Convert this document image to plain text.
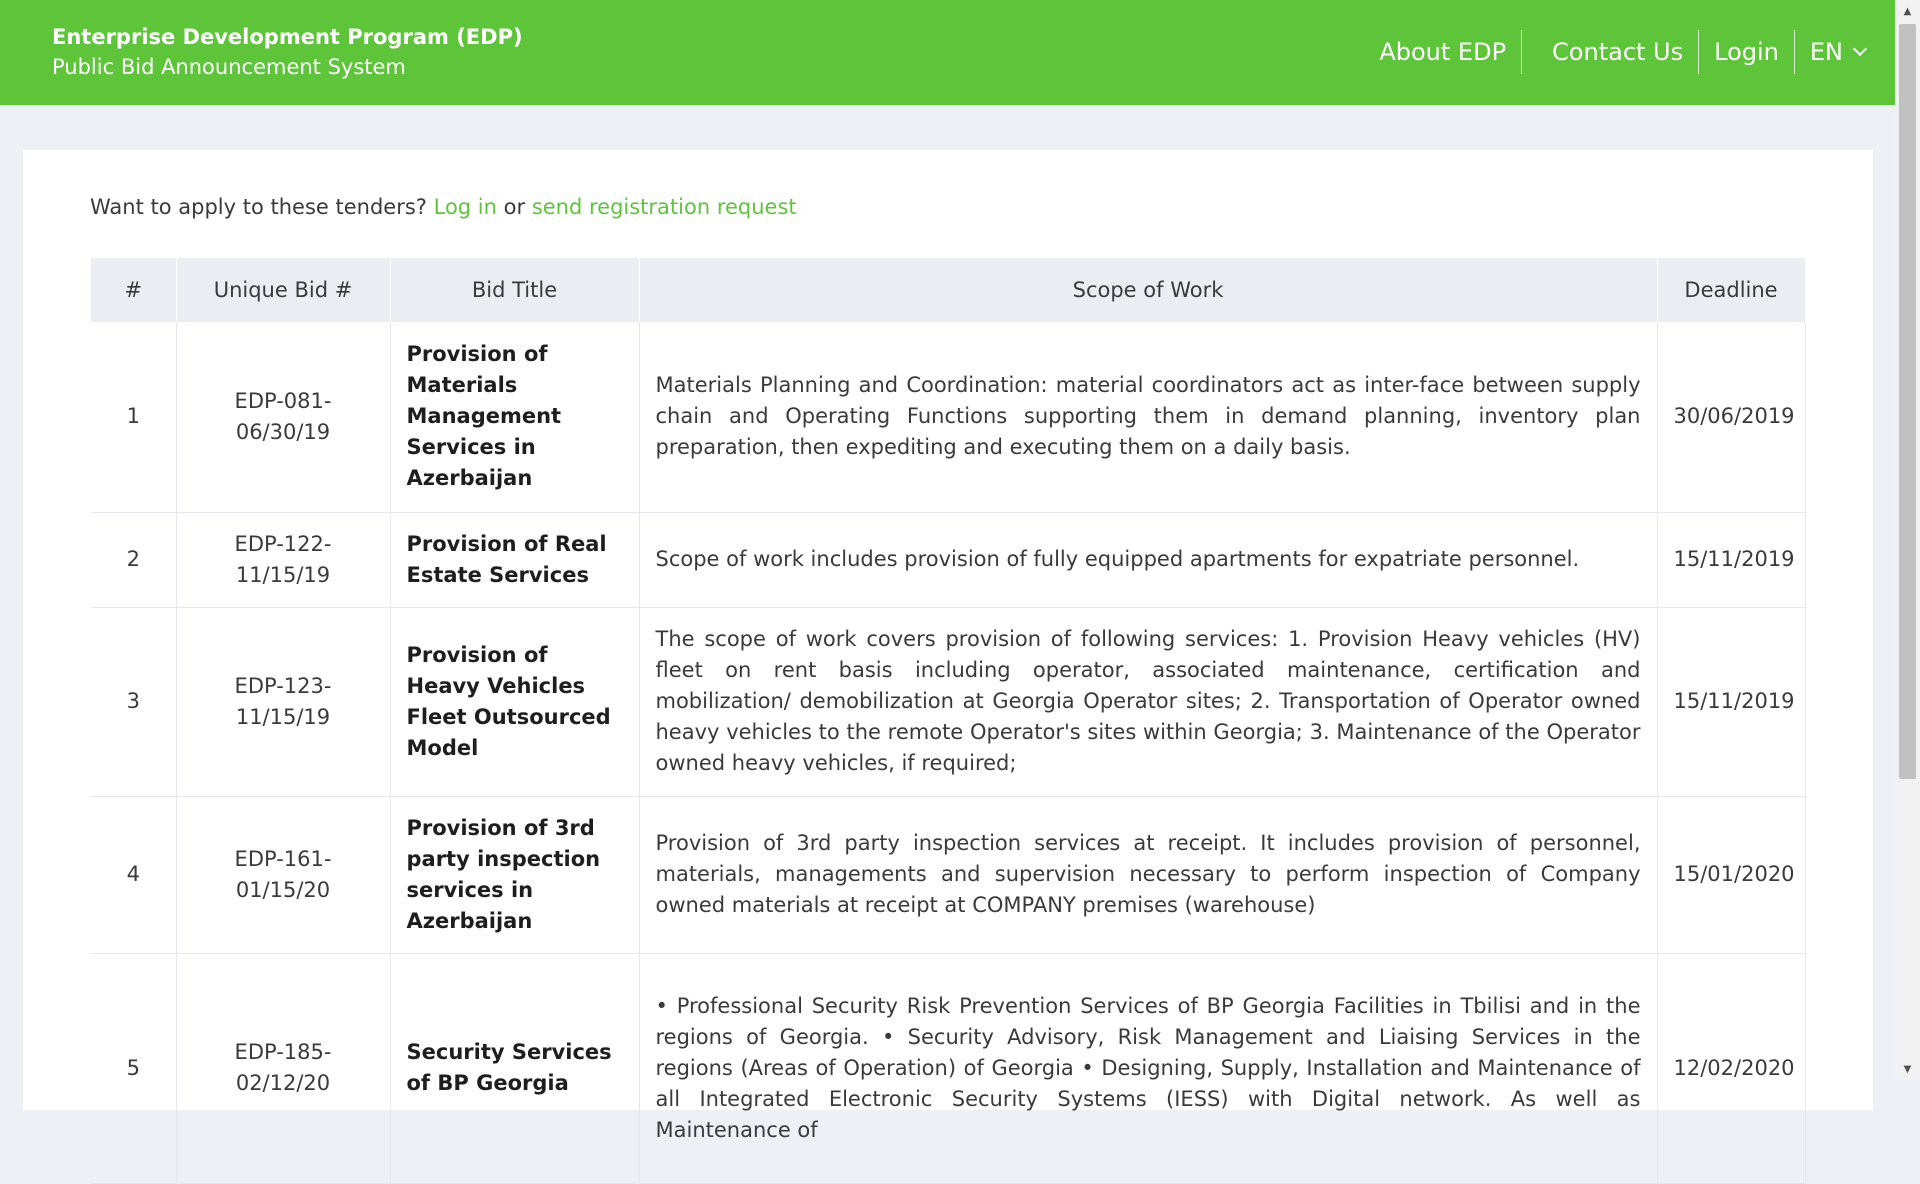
Enterprise Development Program (EDP)
Public Bid Announcement System
About EDP	Contact Us	Login	EN
Want to apply to these tenders? Log in or send registration request
#	Unique Bid #	Bid Title	Scope of Work	Deadline
1	EDP-081-06/30/19	Provision of Materials Management Services in Azerbaijan	Materials Planning and Coordination: material coordinators act as inter-face between supply chain and Operating Functions supporting them in demand planning, inventory plan preparation, then expediting and executing them on a daily basis.	30/06/2019
2	EDP-122-11/15/19	Provision of Real Estate Services	Scope of work includes provision of fully equipped apartments for expatriate personnel.	15/11/2019
3	EDP-123-11/15/19	Provision of Heavy Vehicles Fleet Outsourced Model	The scope of work covers provision of following services: 1. Provision Heavy vehicles (HV) fleet on rent basis including operator, associated maintenance, certification and mobilization/ demobilization at Georgia Operator sites; 2. Transportation of Operator owned heavy vehicles to the remote Operator's sites within Georgia; 3. Maintenance of the Operator owned heavy vehicles, if required;	15/11/2019
4	EDP-161-01/15/20	Provision of 3rd party inspection services in Azerbaijan	Provision of 3rd party inspection services at receipt. It includes provision of personnel, materials, managements and supervision necessary to perform inspection of Company owned materials at receipt at COMPANY premises (warehouse)	15/01/2020
5	EDP-185-02/12/20	Security Services of BP Georgia	• Professional Security Risk Prevention Services of BP Georgia Facilities in Tbilisi and in the regions of Georgia. • Security Advisory, Risk Management and Liaising Services in the regions (Areas of Operation) of Georgia • Designing, Supply, Installation and Maintenance of all Integrated Electronic Security Systems (IESS) with Digital network. As well as Maintenance of	12/02/2020
▲
▼
